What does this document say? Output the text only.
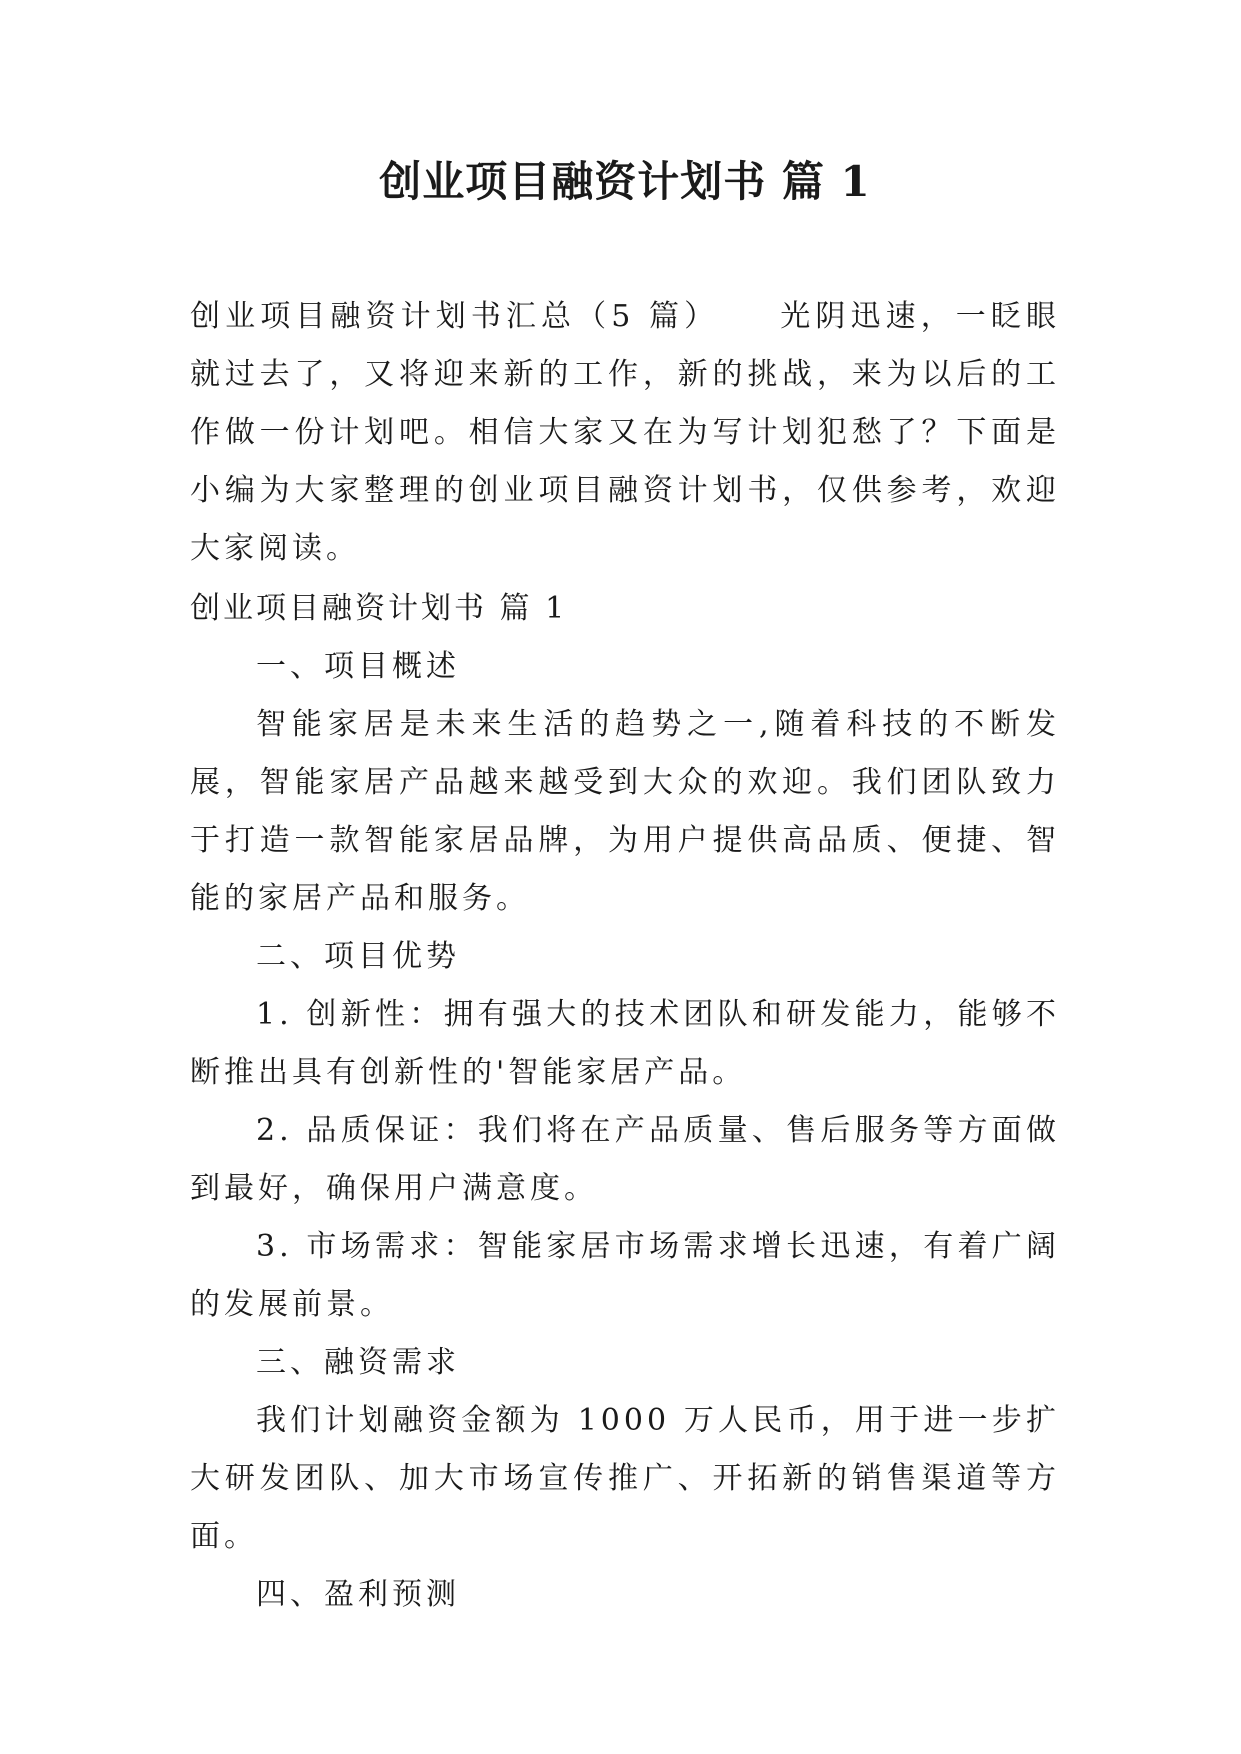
创业项目融资计划书 篇 1

创业项目融资计划书汇总（5 篇） 光阴迅速，一眨眼就过去了，又将迎来新的工作，新的挑战，来为以后的工作做一份计划吧。相信大家又在为写计划犯愁了？下面是小编为大家整理的创业项目融资计划书，仅供参考，欢迎大家阅读。

创业项目融资计划书 篇 1

一、项目概述

智能家居是未来生活的趋势之一,随着科技的不断发展，智能家居产品越来越受到大众的欢迎。我们团队致力于打造一款智能家居品牌，为用户提供高品质、便捷、智能的家居产品和服务。

二、项目优势

1. 创新性：拥有强大的技术团队和研发能力，能够不断推出具有创新性的'智能家居产品。

2. 品质保证：我们将在产品质量、售后服务等方面做到最好，确保用户满意度。

3. 市场需求：智能家居市场需求增长迅速，有着广阔的发展前景。

三、融资需求

我们计划融资金额为 1000 万人民币，用于进一步扩大研发团队、加大市场宣传推广、开拓新的销售渠道等方面。

四、盈利预测
